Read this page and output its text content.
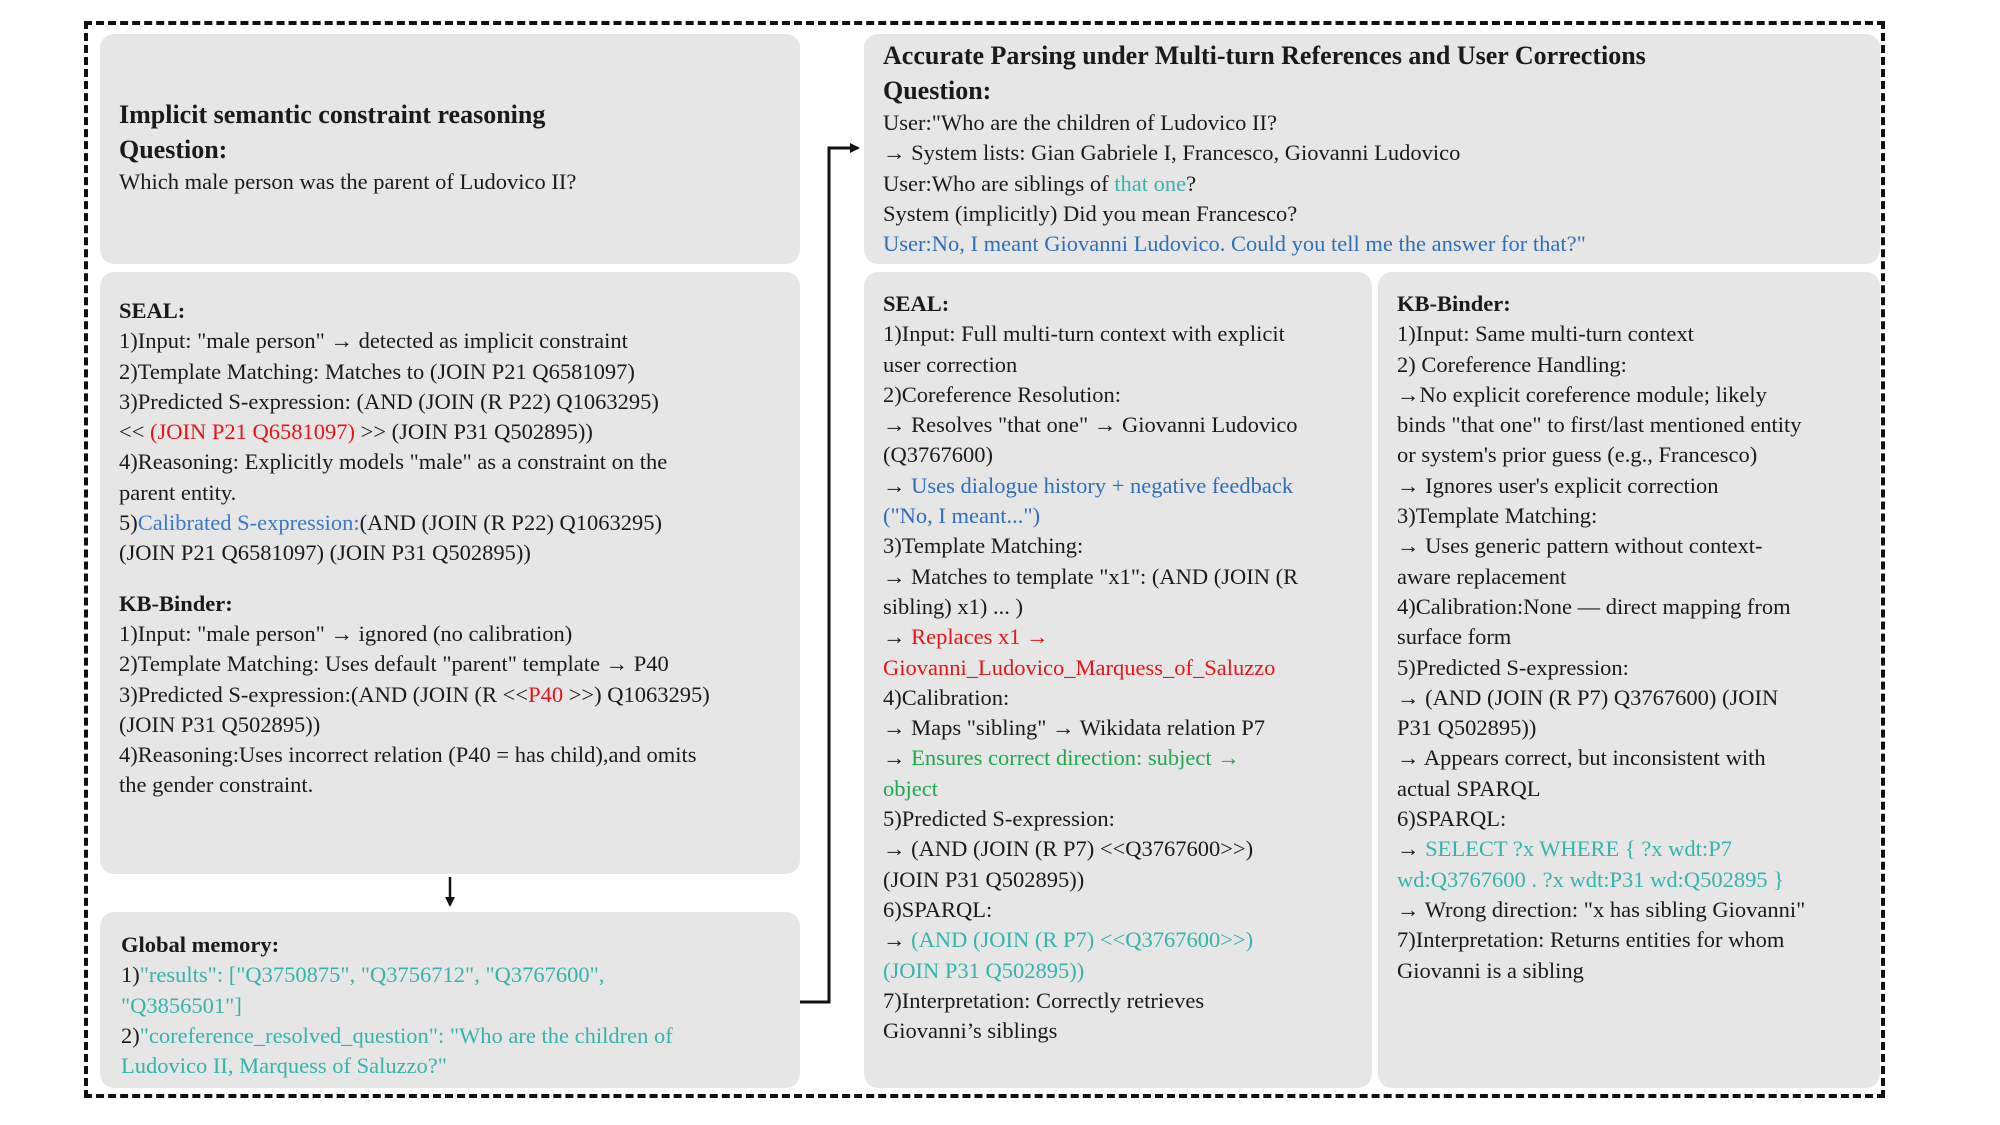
Implicit semantic constraint reasoning
Question:
Which male person was the parent of Ludovico II?
SEAL:
1)Input: "male person" → detected as implicit constraint
2)Template Matching: Matches to (JOIN P21 Q6581097)
3)Predicted S-expression: (AND (JOIN (R P22) Q1063295)
<< (JOIN P21 Q6581097) >> (JOIN P31 Q502895))
4)Reasoning: Explicitly models "male" as a constraint on the
parent entity.
5)Calibrated S-expression:(AND (JOIN (R P22) Q1063295)
(JOIN P21 Q6581097) (JOIN P31 Q502895))
KB-Binder:
1)Input: "male person" → ignored (no calibration)
2)Template Matching: Uses default "parent" template → P40
3)Predicted S-expression:(AND (JOIN (R <<P40 >>) Q1063295)
(JOIN P31 Q502895))
4)Reasoning:Uses incorrect relation (P40 = has child),and omits
the gender constraint.
Global memory:
1)"results": ["Q3750875", "Q3756712", "Q3767600",
"Q3856501"]
2)"coreference_resolved_question": "Who are the children of
Ludovico II, Marquess of Saluzzo?"
Accurate Parsing under Multi-turn References and User Corrections
Question:
User:"Who are the children of Ludovico II?
→ System lists: Gian Gabriele I, Francesco, Giovanni Ludovico
User:Who are siblings of that one?
System (implicitly) Did you mean Francesco?
User:No, I meant Giovanni Ludovico. Could you tell me the answer for that?"
SEAL:
1)Input: Full multi-turn context with explicit
user correction
2)Coreference Resolution:
→ Resolves "that one" → Giovanni Ludovico
(Q3767600)
→ Uses dialogue history + negative feedback
("No, I meant...")
3)Template Matching:
→ Matches to template "x1": (AND (JOIN (R
sibling) x1) ... )
→ Replaces x1 →
Giovanni_Ludovico_Marquess_of_Saluzzo
4)Calibration:
→ Maps "sibling" → Wikidata relation P7
→ Ensures correct direction: subject →
object
5)Predicted S-expression:
→ (AND (JOIN (R P7) <<Q3767600>>)
(JOIN P31 Q502895))
6)SPARQL:
→ (AND (JOIN (R P7) <<Q3767600>>)
(JOIN P31 Q502895))
7)Interpretation: Correctly retrieves
Giovanni’s siblings
KB-Binder:
1)Input: Same multi-turn context
2) Coreference Handling:
→No explicit coreference module; likely
binds "that one" to first/last mentioned entity
or system's prior guess (e.g., Francesco)
→ Ignores user's explicit correction
3)Template Matching:
→ Uses generic pattern without context-
aware replacement
4)Calibration:None — direct mapping from
surface form
5)Predicted S-expression:
→ (AND (JOIN (R P7) Q3767600) (JOIN
P31 Q502895))
→ Appears correct, but inconsistent with
actual SPARQL
6)SPARQL:
→ SELECT ?x WHERE { ?x wdt:P7
wd:Q3767600 . ?x wdt:P31 wd:Q502895 }
→ Wrong direction: "x has sibling Giovanni"
7)Interpretation: Returns entities for whom
Giovanni is a sibling
